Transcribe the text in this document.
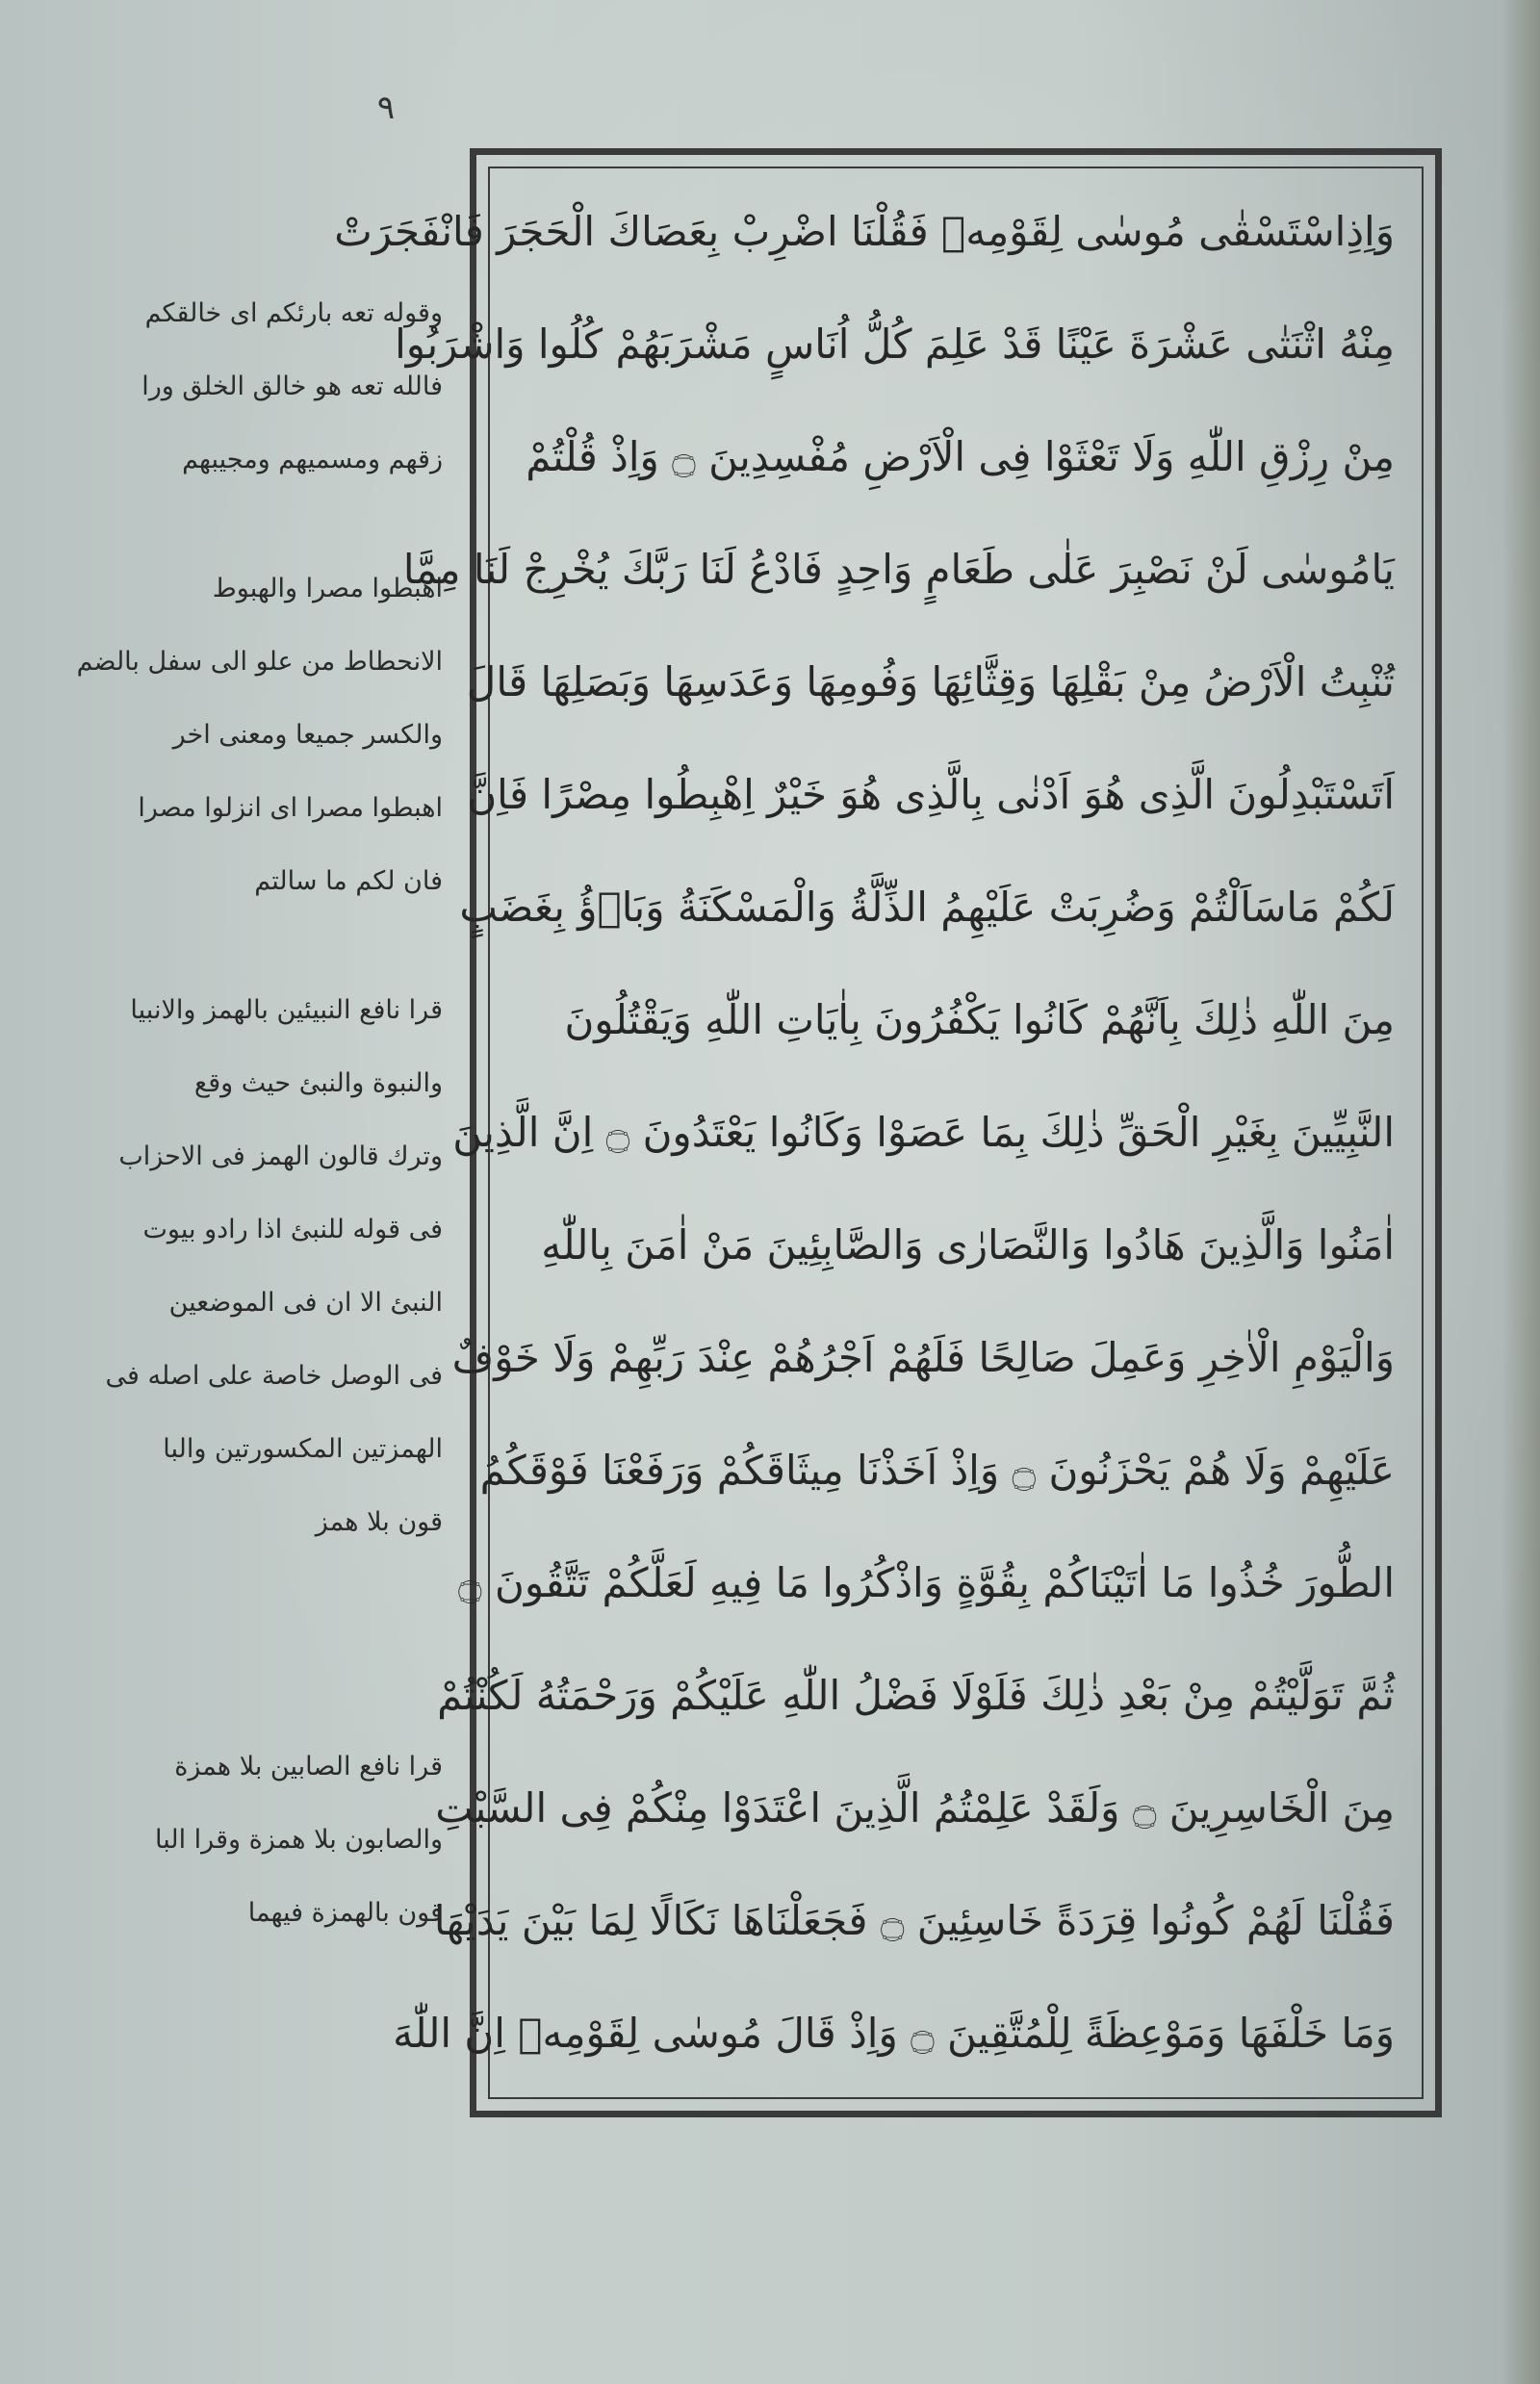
٩
وقوله تعه بارئكم اى خالقكم
فالله تعه هو خالق الخلق ورا
زقهم ومسميهم ومجيبهم
اهبطوا مصرا والهبوط
الانحطاط من علو الى سفل بالضم
والكسر جميعا ومعنى اخر
اهبطوا مصرا اى انزلوا مصرا
فان لكم ما سالتم
قرا نافع النبيئين بالهمز والانبيا
والنبوة والنبئ حيث وقع
وترك قالون الهمز فى الاحزاب
فى قوله للنبئ اذا رادو بيوت
النبئ الا ان فى الموضعين
فى الوصل خاصة على اصله فى
الهمزتين المكسورتين والبا
قون بلا همز
قرا نافع الصابين بلا همزة
والصابون بلا همزة وقرا البا
قون بالهمزة فيهما
وَاِذِاسْتَسْقٰى مُوسٰى لِقَوْمِهٖ فَقُلْنَا اضْرِبْ بِعَصَاكَ الْحَجَرَ فَانْفَجَرَتْ
مِنْهُ اثْنَتٰى عَشْرَةَ عَيْنًا قَدْ عَلِمَ كُلُّ اُنَاسٍ مَشْرَبَهُمْ كُلُوا وَاشْرَبُوا
مِنْ رِزْقِ اللّٰهِ وَلَا تَعْثَوْا فِى الْاَرْضِ مُفْسِدِينَ ۝ وَاِذْ قُلْتُمْ
يَامُوسٰى لَنْ نَصْبِرَ عَلٰى طَعَامٍ وَاحِدٍ فَادْعُ لَنَا رَبَّكَ يُخْرِجْ لَنَا مِمَّا
تُنْبِتُ الْاَرْضُ مِنْ بَقْلِهَا وَقِثَّائِهَا وَفُومِهَا وَعَدَسِهَا وَبَصَلِهَا قَالَ
اَتَسْتَبْدِلُونَ الَّذِى هُوَ اَدْنٰى بِالَّذِى هُوَ خَيْرٌ اِهْبِطُوا مِصْرًا فَاِنَّ
لَكُمْ مَاسَاَلْتُمْ وَضُرِبَتْ عَلَيْهِمُ الذِّلَّةُ وَالْمَسْكَنَةُ وَبَاۤؤُ بِغَضَبٍ
مِنَ اللّٰهِ ذٰلِكَ بِاَنَّهُمْ كَانُوا يَكْفُرُونَ بِاٰيَاتِ اللّٰهِ وَيَقْتُلُونَ
النَّبِيِّينَ بِغَيْرِ الْحَقِّ ذٰلِكَ بِمَا عَصَوْا وَكَانُوا يَعْتَدُونَ ۝ اِنَّ الَّذِينَ
اٰمَنُوا وَالَّذِينَ هَادُوا وَالنَّصَارٰى وَالصَّابِئِينَ مَنْ اٰمَنَ بِاللّٰهِ
وَالْيَوْمِ الْاٰخِرِ وَعَمِلَ صَالِحًا فَلَهُمْ اَجْرُهُمْ عِنْدَ رَبِّهِمْ وَلَا خَوْفٌ
عَلَيْهِمْ وَلَا هُمْ يَحْزَنُونَ ۝ وَاِذْ اَخَذْنَا مِيثَاقَكُمْ وَرَفَعْنَا فَوْقَكُمُ
الطُّورَ خُذُوا مَا اٰتَيْنَاكُمْ بِقُوَّةٍ وَاذْكُرُوا مَا فِيهِ لَعَلَّكُمْ تَتَّقُونَ ۝
ثُمَّ تَوَلَّيْتُمْ مِنْ بَعْدِ ذٰلِكَ فَلَوْلَا فَضْلُ اللّٰهِ عَلَيْكُمْ وَرَحْمَتُهُ لَكُنْتُمْ
مِنَ الْخَاسِرِينَ ۝ وَلَقَدْ عَلِمْتُمُ الَّذِينَ اعْتَدَوْا مِنْكُمْ فِى السَّبْتِ
فَقُلْنَا لَهُمْ كُونُوا قِرَدَةً خَاسِئِينَ ۝ فَجَعَلْنَاهَا نَكَالًا لِمَا بَيْنَ يَدَيْهَا
وَمَا خَلْفَهَا وَمَوْعِظَةً لِلْمُتَّقِينَ ۝ وَاِذْ قَالَ مُوسٰى لِقَوْمِهٖ اِنَّ اللّٰهَ
